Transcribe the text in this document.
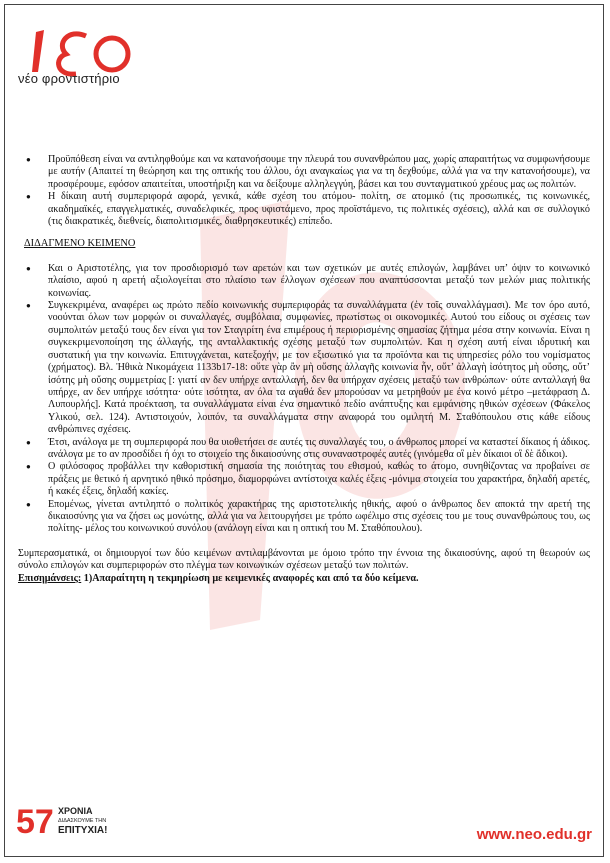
νέο φροντιστήριο
● Προϋπόθεση είναι να αντιληφθούμε και να κατανοήσουμε την πλευρά του συνανθρώπου μας, χωρίς απαραιτήτως να συμφωνήσουμε με αυτήν (Απαιτεί τη θεώρηση και της οπτικής του άλλου, όχι αναγκαίως για να τη δεχθούμε, αλλά για να την κατανοήσουμε), να προσφέρουμε, εφόσον απαιτείται, υποστήριξη και να δείξουμε αλληλεγγύη, βάσει και του συνταγματικού χρέους μας ως πολιτών.
● Η δίκαιη αυτή συμπεριφορά αφορά, γενικά, κάθε σχέση του ατόμου- πολίτη, σε ατομικό (τις προσωπικές, τις κοινωνικές, ακαδημαϊκές, επαγγελματικές, συναδελφικές, προς υφιστάμενο, προς προϊστάμενο, τις πολιτικές σχέσεις), αλλά και σε συλλογικό (τις διακρατικές, διεθνείς, διαπολιτισμικές, διαθρησκευτικές) επίπεδο.
ΔΙΔΑΓΜΕΝΟ ΚΕΙΜΕΝΟ
● Και ο Αριστοτέλης, για τον προσδιορισμό των αρετών και των σχετικών με αυτές επιλογών, λαμβάνει υπ’ όψιν το κοινωνικό πλαίσιο, αφού η αρετή αξιολογείται στο πλαίσιο των έλλογων σχέσεων που αναπτύσσονται μεταξύ των μελών μιας πολιτικής κοινωνίας.
● Συγκεκριμένα, αναφέρει ως πρώτο πεδίο κοινωνικής συμπεριφοράς τα συναλλάγματα (ἐν τοῖς συναλλάγμασι). Με τον όρο αυτό, νοούνται όλων των μορφών οι συναλλαγές, συμβόλαια, συμφωνίες, πρωτίστως οι οικονομικές. Αυτού του είδους οι σχέσεις των συμπολιτών μεταξύ τους δεν είναι για τον Σταγιρίτη ένα επιμέρους ή περιορισμένης σημασίας ζήτημα μέσα στην κοινωνία. Είναι η συγκεκριμενοποίηση της άλλαγής, της ανταλλακτικής σχέσης μεταξύ των συμπολιτών. Και η σχέση αυτή είναι ιδρυτική και συστατική για την κοινωνία. Επιτυγχάνεται, κατεξοχήν, με τον εξισωτικό για τα προϊόντα και τις υπηρεσίες ρόλο του νομίσματος (χρήματος). Βλ. Ἠθικὰ Νικομάχεια 1133b17-18: οὔτε γὰρ ἂν μὴ οὔσης ἀλλαγῆς κοινωνία ἦν, οὔτ’ ἀλλαγὴ ἰσότητος μὴ οὔσης, οὔτ’ ἰσότης μὴ οὔσης συμμετρίας [: γιατί αν δεν υπήρχε ανταλλαγή, δεν θα υπήρχαν σχέσεις μεταξύ των ανθρώπων· ούτε ανταλλαγή θα υπήρχε, αν δεν υπήρχε ισότητα· ούτε ισότητα, αν όλα τα αγαθά δεν μπορούσαν να μετρηθούν με ένα κοινό μέτρο –μετάφραση Δ. Λυπουρλής]. Κατά προέκταση, τα συναλλάγματα είναι ένα σημαντικό πεδίο ανάπτυξης και εμφάνισης ηθικών σχέσεων (Φάκελος Υλικού, σελ. 124). Αντιστοιχούν, λοιπόν, τα συναλλάγματα στην αναφορά του ομιλητή Μ. Σταθόπουλου στις κάθε είδους ανθρώπινες σχέσεις.
● Έτσι, ανάλογα με τη συμπεριφορά που θα υιοθετήσει σε αυτές τις συναλλαγές του, ο άνθρωπος μπορεί να καταστεί δίκαιος ή άδικος. ανάλογα με το αν προσδίδει ή όχι το στοιχείο της δικαιοσύνης στις συναναστροφές αυτές (γινόμεθα οἳ μὲν δίκαιοι οἳ δὲ ἄδικοι).
● Ο φιλόσοφος προβάλλει την καθοριστική σημασία της ποιότητας του εθισμού, καθώς το άτομο, συνηθίζοντας να προβαίνει σε πράξεις με θετικό ή αρνητικό ηθικό πρόσημο, διαμορφώνει αντίστοιχα καλές έξεις -μόνιμα στοιχεία του χαρακτήρα, δηλαδή αρετές, ή κακές έξεις, δηλαδή κακίες.
● Επομένως, γίνεται αντιληπτό ο πολιτικός χαρακτήρας της αριστοτελικής ηθικής, αφού ο άνθρωπος δεν αποκτά την αρετή της δικαιοσύνης για να ζήσει ως μονώτης, αλλά για να λειτουργήσει με τρόπο ωφέλιμο στις σχέσεις του με τους συνανθρώπους του, ως πολίτης- μέλος του κοινωνικού συνόλου (ανάλογη είναι και η οπτική του Μ. Σταθόπουλου).
Συμπερασματικά, οι δημιουργοί των δύο κειμένων αντιλαμβάνονται με όμοιο τρόπο την έννοια της δικαιοσύνης, αφού τη θεωρούν ως σύνολο επιλογών και συμπεριφορών στο πλέγμα των κοινωνικών σχέσεων μεταξύ των πολιτών.
Επισημάνσεις: 1)Απαραίτητη η τεκμηρίωση με κειμενικές αναφορές και από τα δύο κείμενα.
57 ΧΡΟΝΙΑ
ΔΙΔΑΣΚΟΥΜΕ ΤΗΝ
ΕΠΙΤΥΧΙΑ!	www.neo.edu.gr
